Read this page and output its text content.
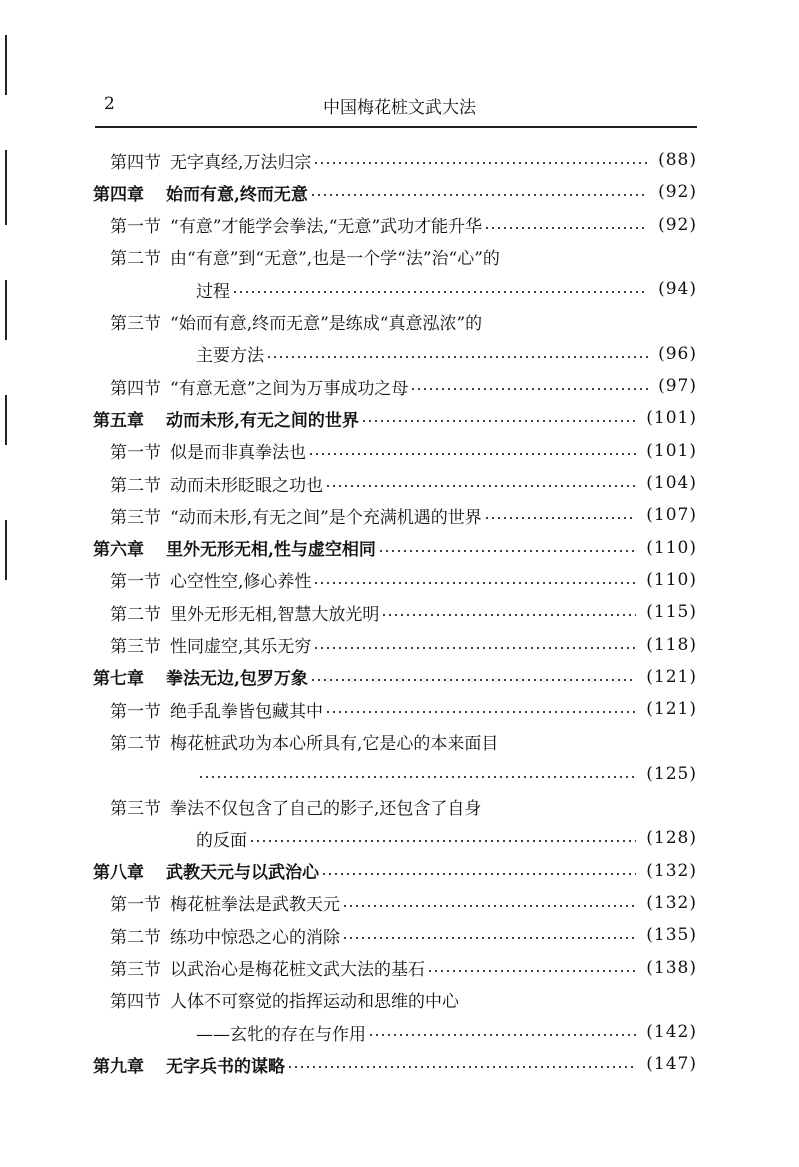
2	中国梅花桩文武大法
第四节 无字真经,万法归宗	(88)
第四章 始而有意,终而无意	(92)
第一节 “有意”才能学会拳法,“无意”武功才能升华	(92)
第二节 由“有意”到“无意”,也是一个学“法”治“心”的
过程	(94)
第三节 “始而有意,终而无意”是练成“真意泓浓”的
主要方法	(96)
第四节 “有意无意”之间为万事成功之母	(97)
第五章 动而未形,有无之间的世界	(101)
第一节 似是而非真拳法也	(101)
第二节 动而未形眨眼之功也	(104)
第三节 “动而未形,有无之间”是个充满机遇的世界	(107)
第六章 里外无形无相,性与虚空相同	(110)
第一节 心空性空,修心养性	(110)
第二节 里外无形无相,智慧大放光明	(115)
第三节 性同虚空,其乐无穷	(118)
第七章 拳法无边,包罗万象	(121)
第一节 绝手乱拳皆包藏其中	(121)
第二节 梅花桩武功为本心所具有,它是心的本来面目
(125)
第三节 拳法不仅包含了自己的影子,还包含了自身
的反面	(128)
第八章 武教天元与以武治心	(132)
第一节 梅花桩拳法是武教天元	(132)
第二节 练功中惊恐之心的消除	(135)
第三节 以武治心是梅花桩文武大法的基石	(138)
第四节 人体不可察觉的指挥运动和思维的中心
——玄牝的存在与作用	(142)
第九章 无字兵书的谋略	(147)
